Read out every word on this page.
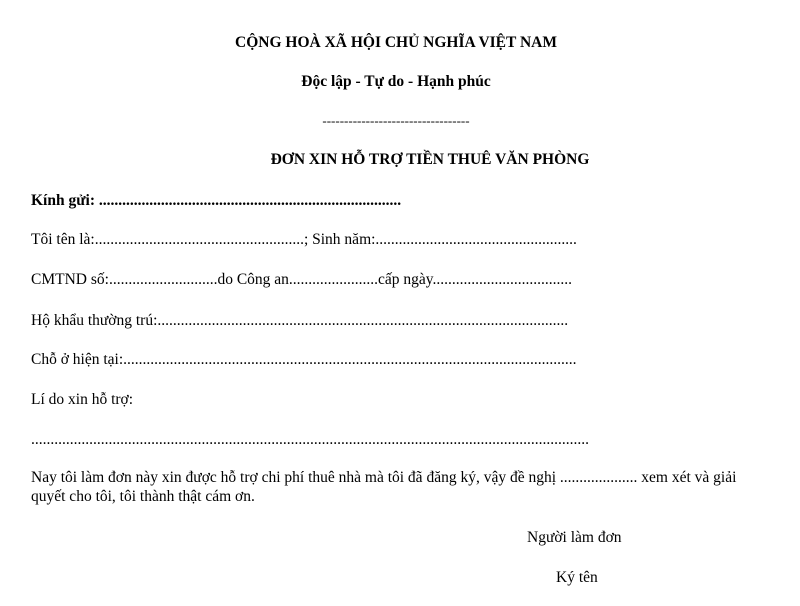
CỘNG HOÀ XÃ HỘI CHỦ NGHĨA VIỆT NAM
Độc lập - Tự do - Hạnh phúc
----------------------------------
ĐƠN XIN HỖ TRỢ TIỀN THUÊ VĂN PHÒNG
Kính gửi: ..............................................................................
Tôi tên là:......................................................; Sinh năm:....................................................
CMTND số:............................do Công an.......................cấp ngày....................................
Hộ khẩu thường trú:..........................................................................................................
Chỗ ở hiện tại:.....................................................................................................................
Lí do xin hỗ trợ:
................................................................................................................................................
Nay tôi làm đơn này xin được hỗ trợ chi phí thuê nhà mà tôi đã đăng ký, vậy đề nghị .................... xem xét và giải quyết cho tôi, tôi thành thật cám ơn.
Người làm đơn
Ký tên
